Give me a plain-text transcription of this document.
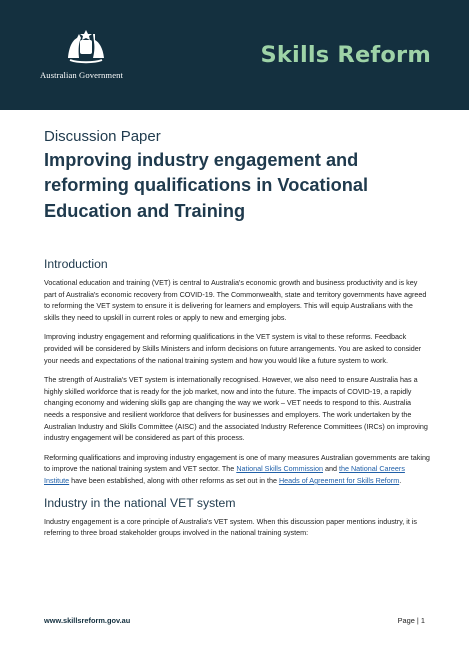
Australian Government
Skills Reform
Discussion Paper
Improving industry engagement and reforming qualifications in Vocational Education and Training
Introduction

Vocational education and training (VET) is central to Australia's economic growth and business productivity and is key part of Australia's economic recovery from COVID-19. The Commonwealth, state and territory governments have agreed to reforming the VET system to ensure it is delivering for learners and employers. This will equip Australians with the skills they need to upskill in current roles or apply to new and emerging jobs.

Improving industry engagement and reforming qualifications in the VET system is vital to these reforms. Feedback provided will be considered by Skills Ministers and inform decisions on future arrangements. You are asked to consider your needs and expectations of the national training system and how you would like a future system to work.

The strength of Australia's VET system is internationally recognised. However, we also need to ensure Australia has a highly skilled workforce that is ready for the job market, now and into the future. The impacts of COVID-19, a rapidly changing economy and widening skills gap are changing the way we work – VET needs to respond to this. Australia needs a responsive and resilient workforce that delivers for businesses and employers. The work undertaken by the Australian Industry and Skills Committee (AISC) and the associated Industry Reference Committees (IRCs) on improving industry engagement will be considered as part of this process.

Reforming qualifications and improving industry engagement is one of many measures Australian governments are taking to improve the national training system and VET sector. The National Skills Commission and the National Careers Institute have been established, along with other reforms as set out in the Heads of Agreement for Skills Reform.

Industry in the national VET system

Industry engagement is a core principle of Australia's VET system. When this discussion paper mentions industry, it is referring to three broad stakeholder groups involved in the national training system:

www.skillsreform.gov.au	Page | 1
